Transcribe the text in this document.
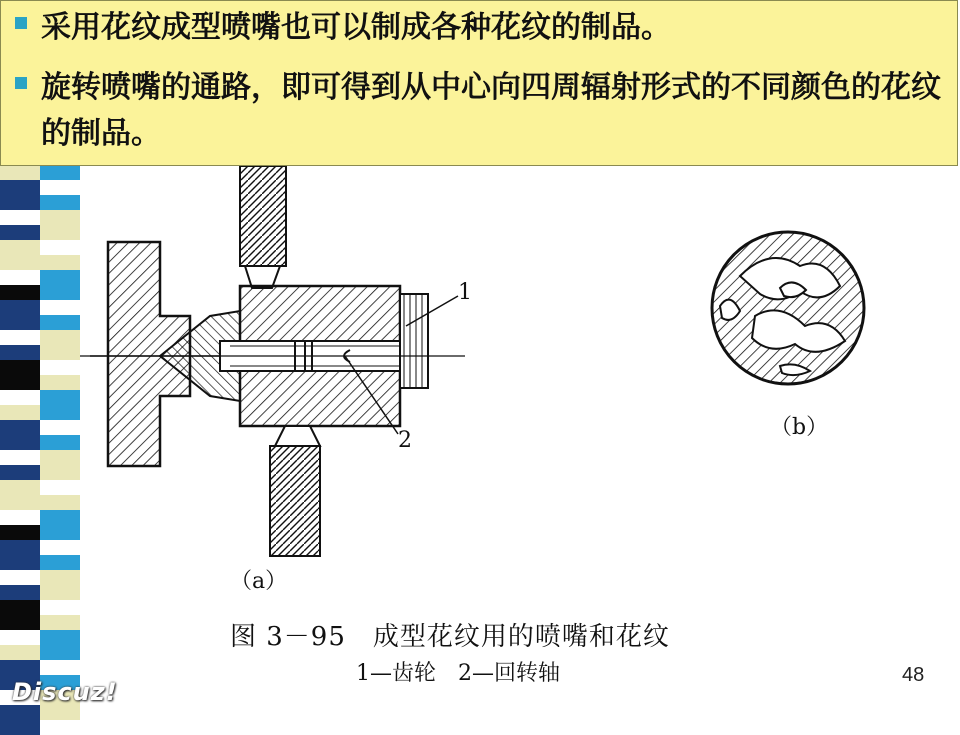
采用花纹成型喷嘴也可以制成各种花纹的制品。
旋转喷嘴的通路，即可得到从中心向四周辐射形式的不同颜色的花纹的制品。
1
2
（b）
（a）
图 3－95　成型花纹用的喷嘴和花纹
1—齿轮　2—回转轴	48
Discuz!
